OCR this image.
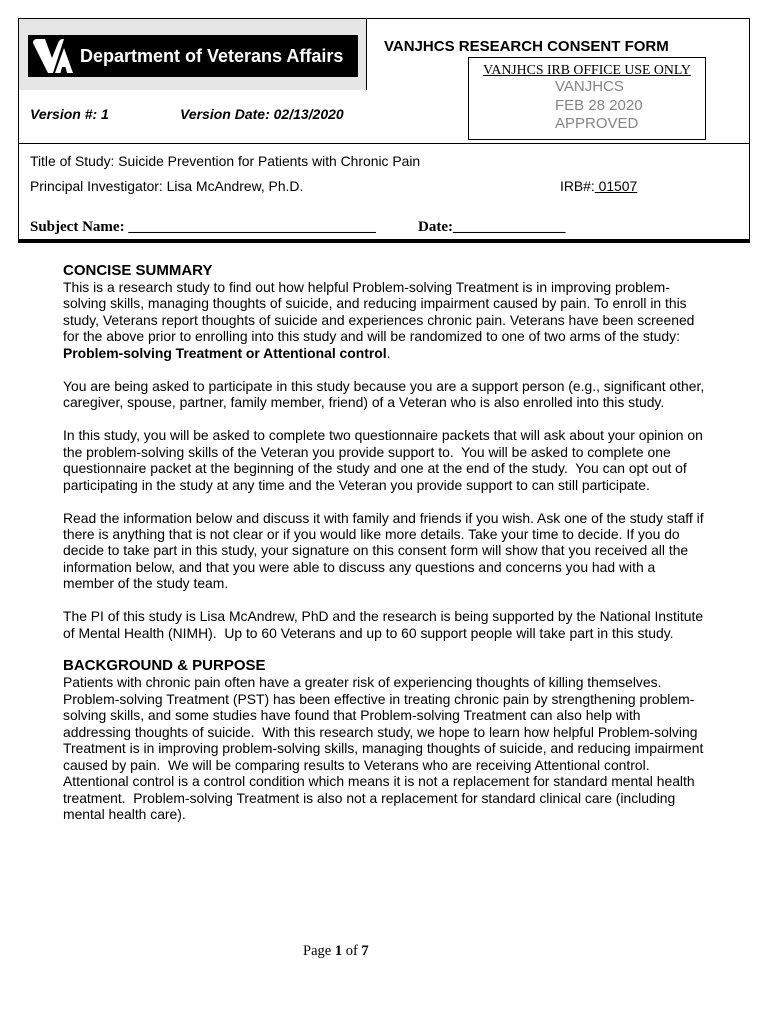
Department of Veterans Affairs	VANJHCS RESEARCH CONSENT FORM
VANJHCS IRB OFFICE USE ONLY
VANJHCS
FEB 28 2020
APPROVED
Version #: 1	Version Date: 02/13/2020
Title of Study: Suicide Prevention for Patients with Chronic Pain
Principal Investigator: Lisa McAndrew, Ph.D.	IRB#: 01507
Subject Name: _________________________________	Date:_______________
CONCISE SUMMARY
This is a research study to find out how helpful Problem-solving Treatment is in improving problem-
solving skills, managing thoughts of suicide, and reducing impairment caused by pain. To enroll in this
study, Veterans report thoughts of suicide and experiences chronic pain. Veterans have been screened
for the above prior to enrolling into this study and will be randomized to one of two arms of the study:
Problem-solving Treatment or Attentional control.
You are being asked to participate in this study because you are a support person (e.g., significant other,
caregiver, spouse, partner, family member, friend) of a Veteran who is also enrolled into this study.
In this study, you will be asked to complete two questionnaire packets that will ask about your opinion on
the problem-solving skills of the Veteran you provide support to.  You will be asked to complete one
questionnaire packet at the beginning of the study and one at the end of the study.  You can opt out of
participating in the study at any time and the Veteran you provide support to can still participate.
Read the information below and discuss it with family and friends if you wish. Ask one of the study staff if
there is anything that is not clear or if you would like more details. Take your time to decide. If you do
decide to take part in this study, your signature on this consent form will show that you received all the
information below, and that you were able to discuss any questions and concerns you had with a
member of the study team.
The PI of this study is Lisa McAndrew, PhD and the research is being supported by the National Institute
of Mental Health (NIMH).  Up to 60 Veterans and up to 60 support people will take part in this study.
BACKGROUND & PURPOSE
Patients with chronic pain often have a greater risk of experiencing thoughts of killing themselves.
Problem-solving Treatment (PST) has been effective in treating chronic pain by strengthening problem-
solving skills, and some studies have found that Problem-solving Treatment can also help with
addressing thoughts of suicide.  With this research study, we hope to learn how helpful Problem-solving
Treatment is in improving problem-solving skills, managing thoughts of suicide, and reducing impairment
caused by pain.  We will be comparing results to Veterans who are receiving Attentional control.
Attentional control is a control condition which means it is not a replacement for standard mental health
treatment.  Problem-solving Treatment is also not a replacement for standard clinical care (including
mental health care).
Page 1 of 7
